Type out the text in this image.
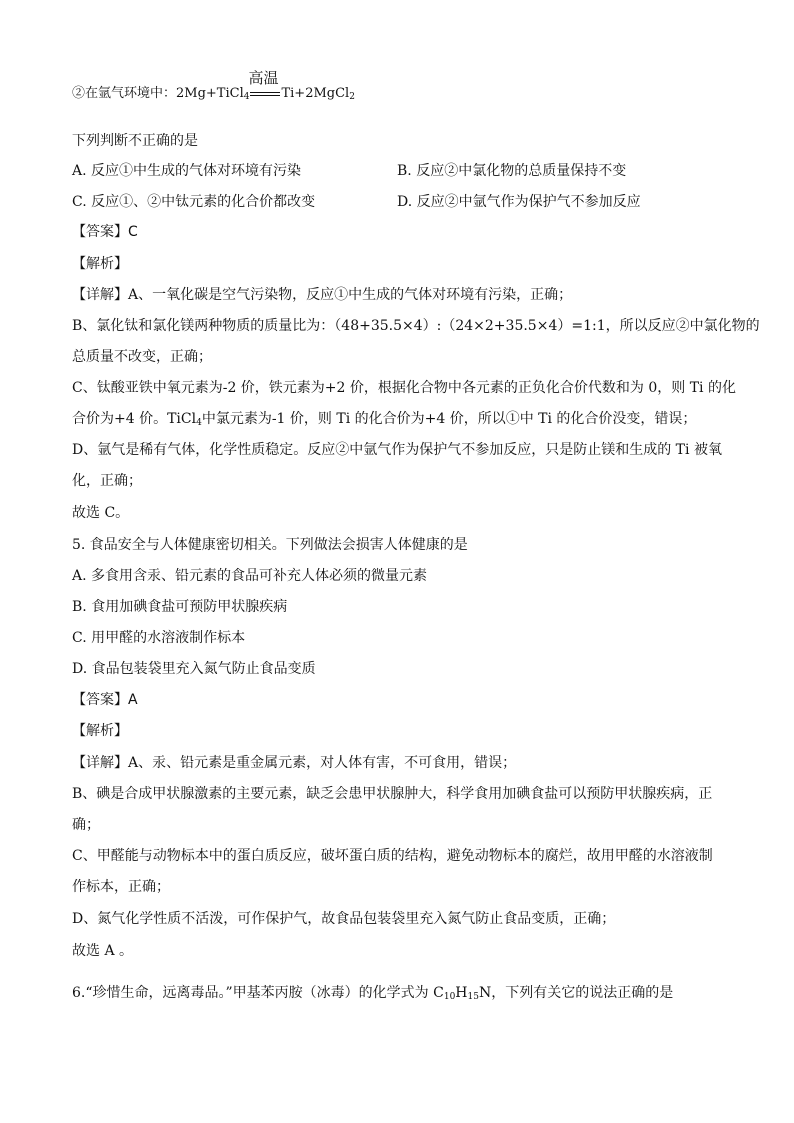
②在氩气环境中：2Mg+TiCl$_4$
高温
Ti+2MgCl$_2$
下列判断不正确的是
A. 反应①中生成的气体对环境有污染	B. 反应②中氯化物的总质量保持不变
C. 反应①、②中钛元素的化合价都改变	D. 反应②中氩气作为保护气不参加反应
【答案】C
【解析】
【详解】A、一氧化碳是空气污染物，反应①中生成的气体对环境有污染，正确；
B、氯化钛和氯化镁两种物质的质量比为：（48+35.5×4）:（24×2+35.5×4）=1:1，所以反应②中氯化物的
总质量不改变，正确；
C、钛酸亚铁中氧元素为-2 价，铁元素为+2 价，根据化合物中各元素的正负化合价代数和为 0，则 Ti 的化
合价为+4 价。TiCl$_4$中氯元素为-1 价，则 Ti 的化合价为+4 价，所以①中 Ti 的化合价没变，错误；
D、氩气是稀有气体，化学性质稳定。反应②中氩气作为保护气不参加反应，只是防止镁和生成的 Ti 被氧
化，正确；
故选 C。
5. 食品安全与人体健康密切相关。下列做法会损害人体健康的是
A. 多食用含汞、铅元素的食品可补充人体必须的微量元素
B. 食用加碘食盐可预防甲状腺疾病
C. 用甲醛的水溶液制作标本
D. 食品包装袋里充入氮气防止食品变质
【答案】A
【解析】
【详解】A、汞、铅元素是重金属元素，对人体有害，不可食用，错误；
B、碘是合成甲状腺激素的主要元素，缺乏会患甲状腺肿大，科学食用加碘食盐可以预防甲状腺疾病，正
确；
C、甲醛能与动物标本中的蛋白质反应，破坏蛋白质的结构，避免动物标本的腐烂，故用甲醛的水溶液制
作标本，正确；
D、氮气化学性质不活泼，可作保护气，故食品包装袋里充入氮气防止食品变质，正确；
故选 A 。
6.“珍惜生命，远离毒品。”甲基苯丙胺（冰毒）的化学式为 $C_{10}H_{15}N$，下列有关它的说法正确的是
